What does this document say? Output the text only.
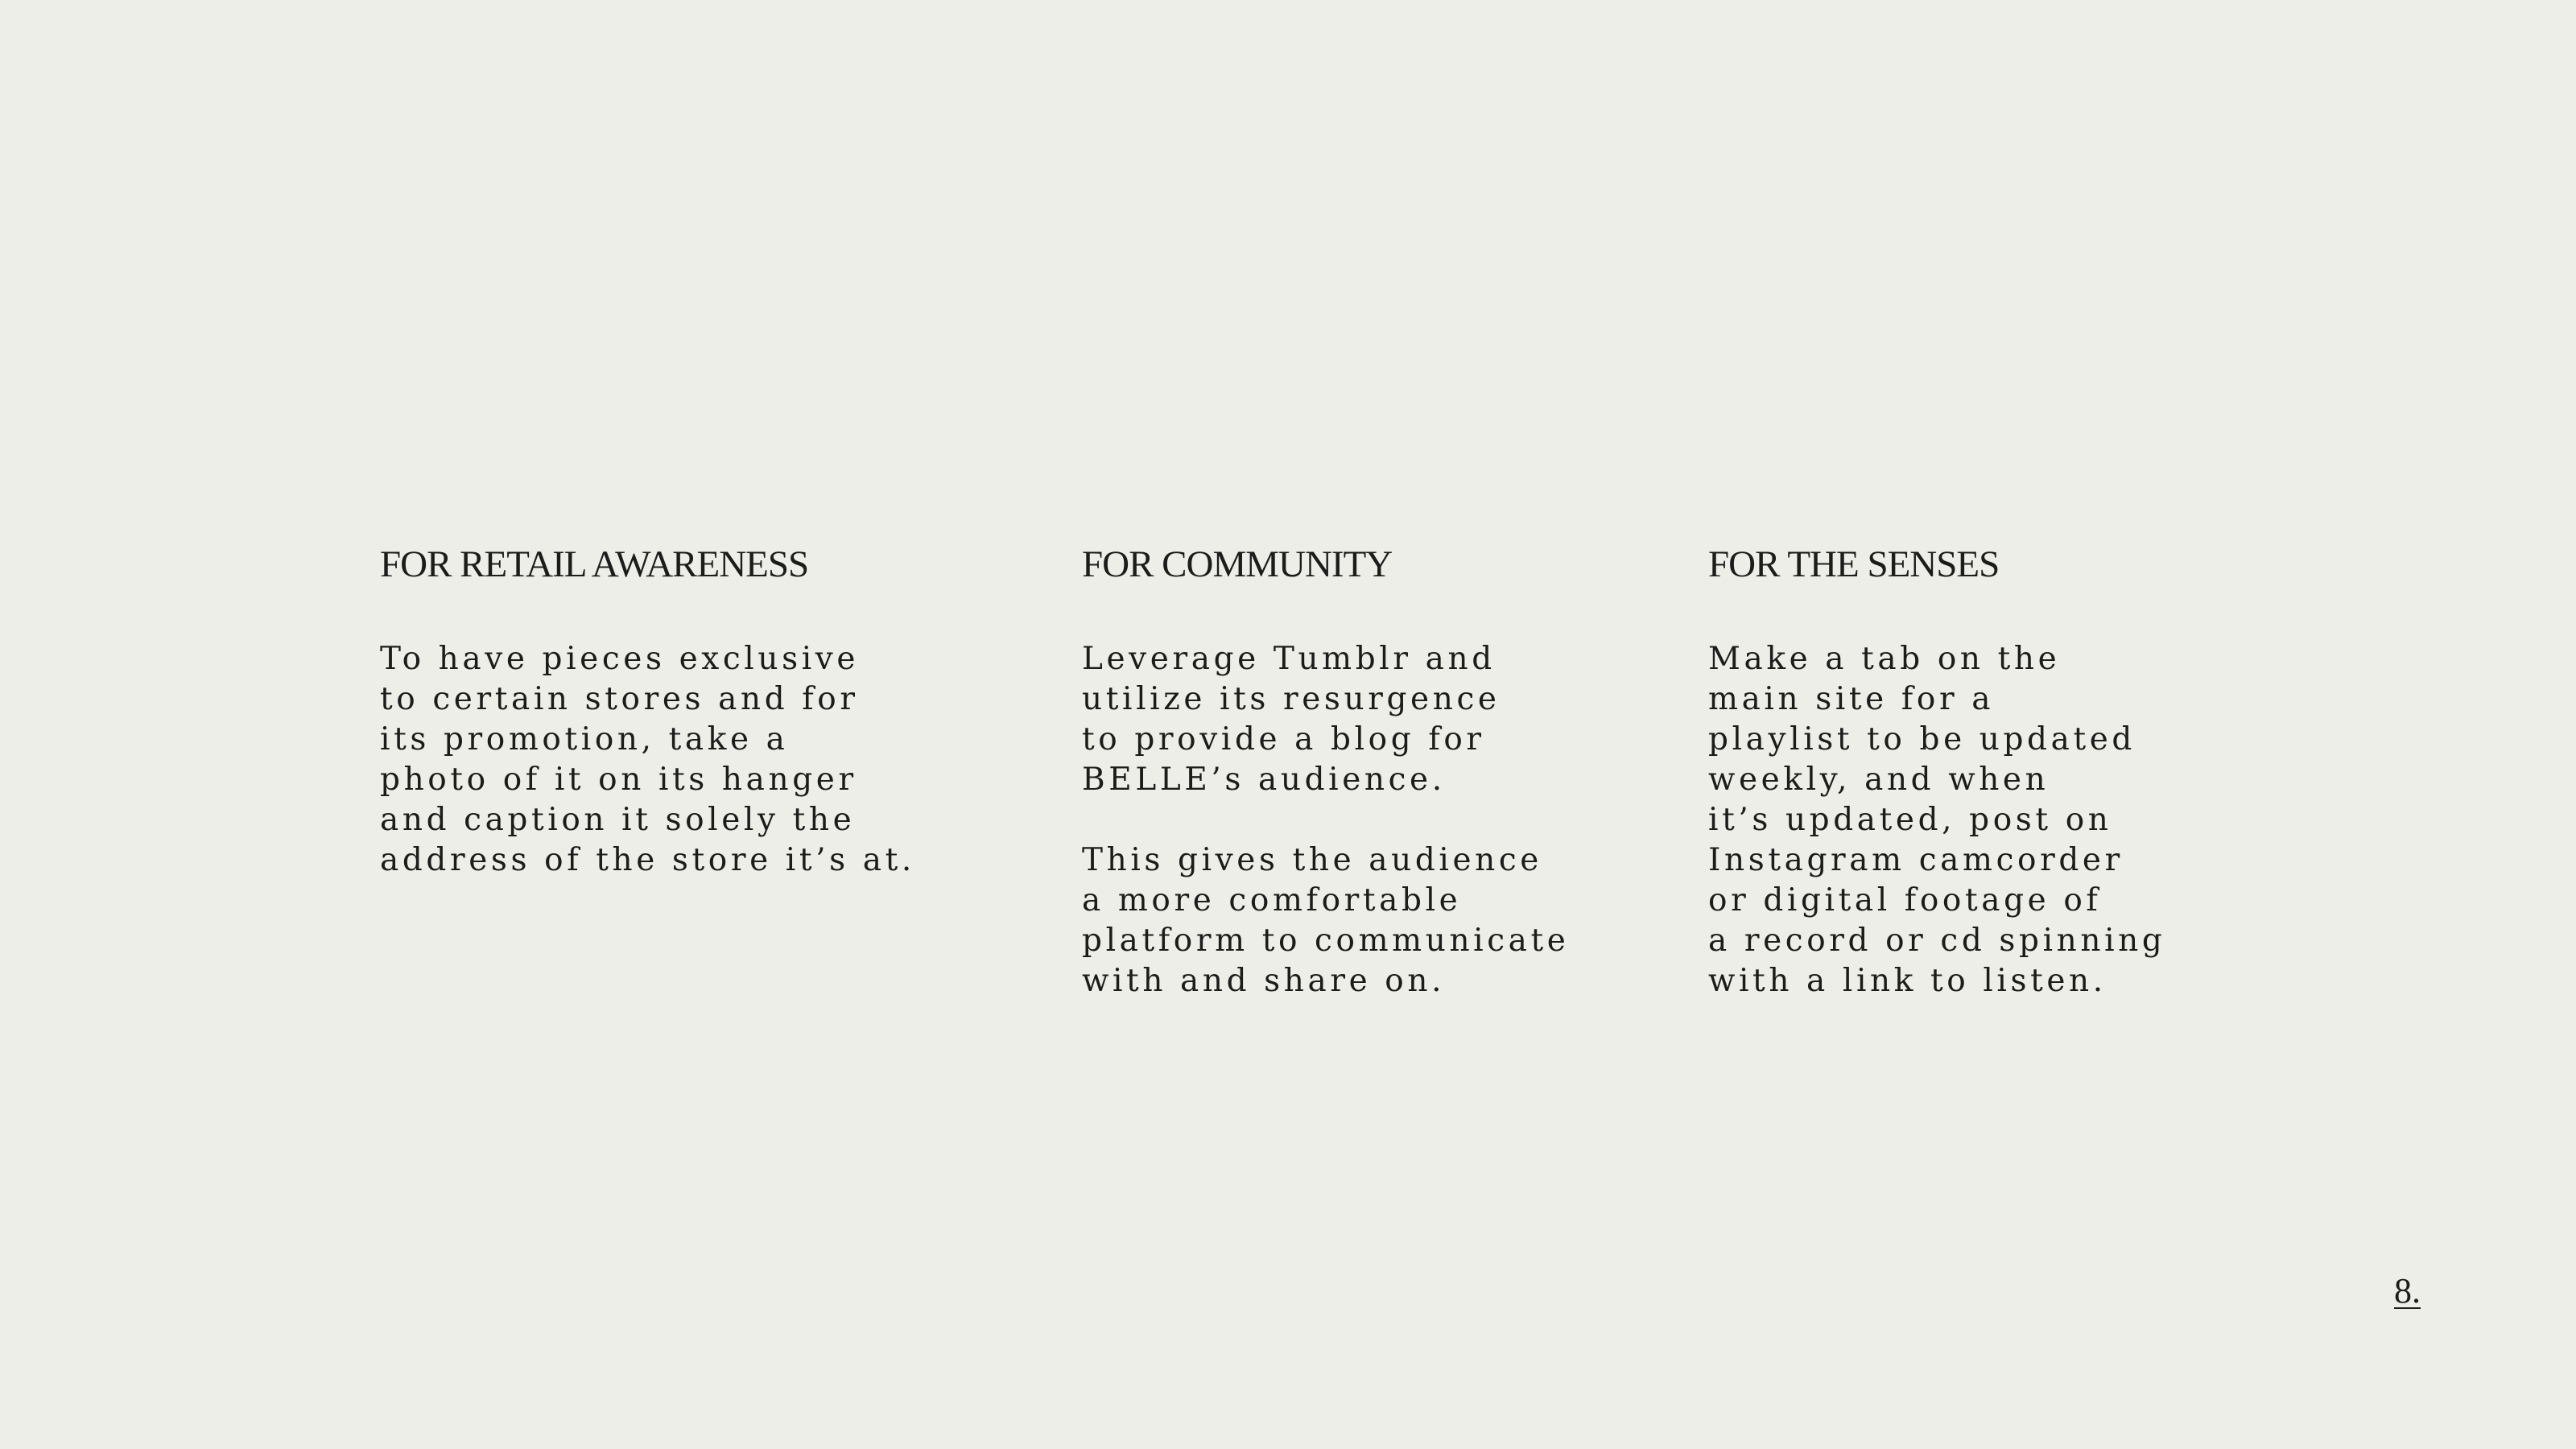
FOR RETAIL AWARENESS

To have pieces exclusive
to certain stores and for
its promotion, take a
photo of it on its hanger
and caption it solely the
address of the store it’s at.

FOR COMMUNITY

Leverage Tumblr and
utilize its resurgence
to provide a blog for
BELLE’s audience.

This gives the audience
a more comfortable
platform to communicate
with and share on.

FOR THE SENSES

Make a tab on the
main site for a
playlist to be updated
weekly, and when
it’s updated, post on
Instagram camcorder
or digital footage of
a record or cd spinning
with a link to listen.

8.
